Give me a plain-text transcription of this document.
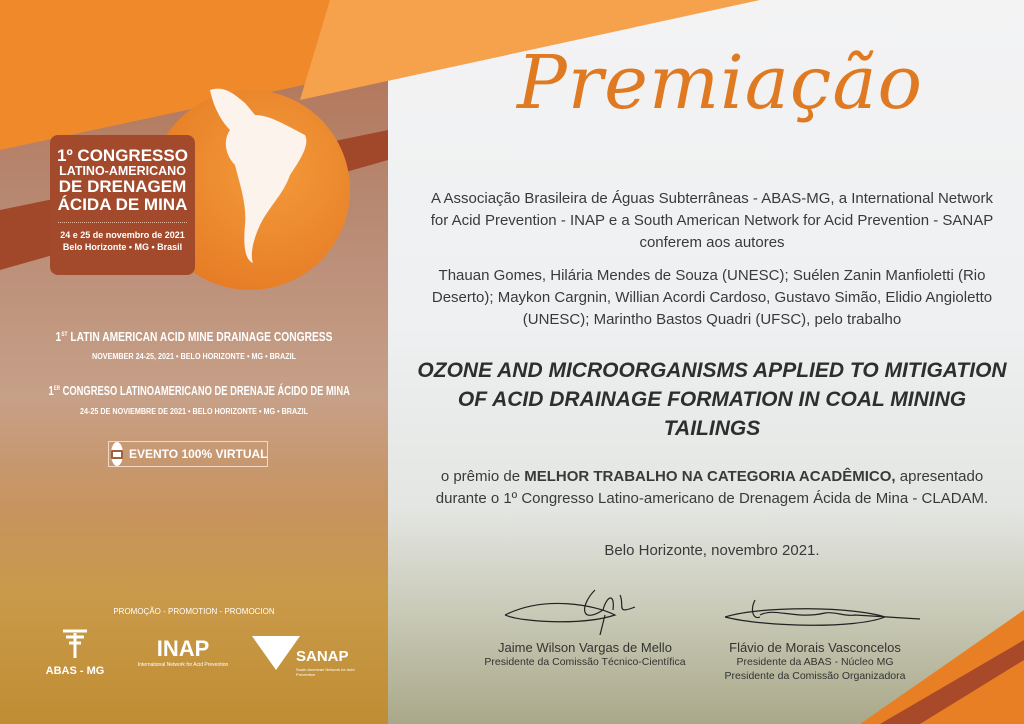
1º CONGRESSO
LATINO-AMERICANO
DE DRENAGEM
ÁCIDA DE MINA
24 e 25 de novembro de 2021
Belo Horizonte • MG • Brasil
1ST LATIN AMERICAN ACID MINE DRAINAGE CONGRESS
NOVEMBER 24-25, 2021 • BELO HORIZONTE • MG • BRAZIL
1ER CONGRESO LATINOAMERICANO DE DRENAJE ÁCIDO DE MINA
24-25 DE NOVIEMBRE DE 2021 • BELO HORIZONTE • MG • BRAZIL
EVENTO 100% VIRTUAL
PROMOÇÃO - PROMOTION - PROMOCION
ABAS - MG
INAP
International Network for Acid Prevention	SANAP
South American Network for Acid Prevention
Premiação
A Associação Brasileira de Águas Subterrâneas - ABAS-MG, a International Network for Acid Prevention - INAP e a South American Network for Acid Prevention - SANAP conferem aos autores
Thauan Gomes, Hilária Mendes de Souza (UNESC); Suélen Zanin Manfioletti (Rio Deserto); Maykon Cargnin, Willian Acordi Cardoso, Gustavo Simão, Elidio Angioletto (UNESC); Marintho Bastos Quadri (UFSC), pelo trabalho
OZONE AND MICROORGANISMS APPLIED TO MITIGATION OF ACID DRAINAGE FORMATION IN COAL MINING TAILINGS
o prêmio de MELHOR TRABALHO NA CATEGORIA ACADÊMICO, apresentado durante o 1º Congresso Latino-americano de Drenagem Ácida de Mina - CLADAM.
Belo Horizonte, novembro 2021.
Jaime Wilson Vargas de Mello
Presidente da Comissão Técnico-Científica
Flávio de Morais Vasconcelos
Presidente da ABAS - Núcleo MG
Presidente da Comissão Organizadora
